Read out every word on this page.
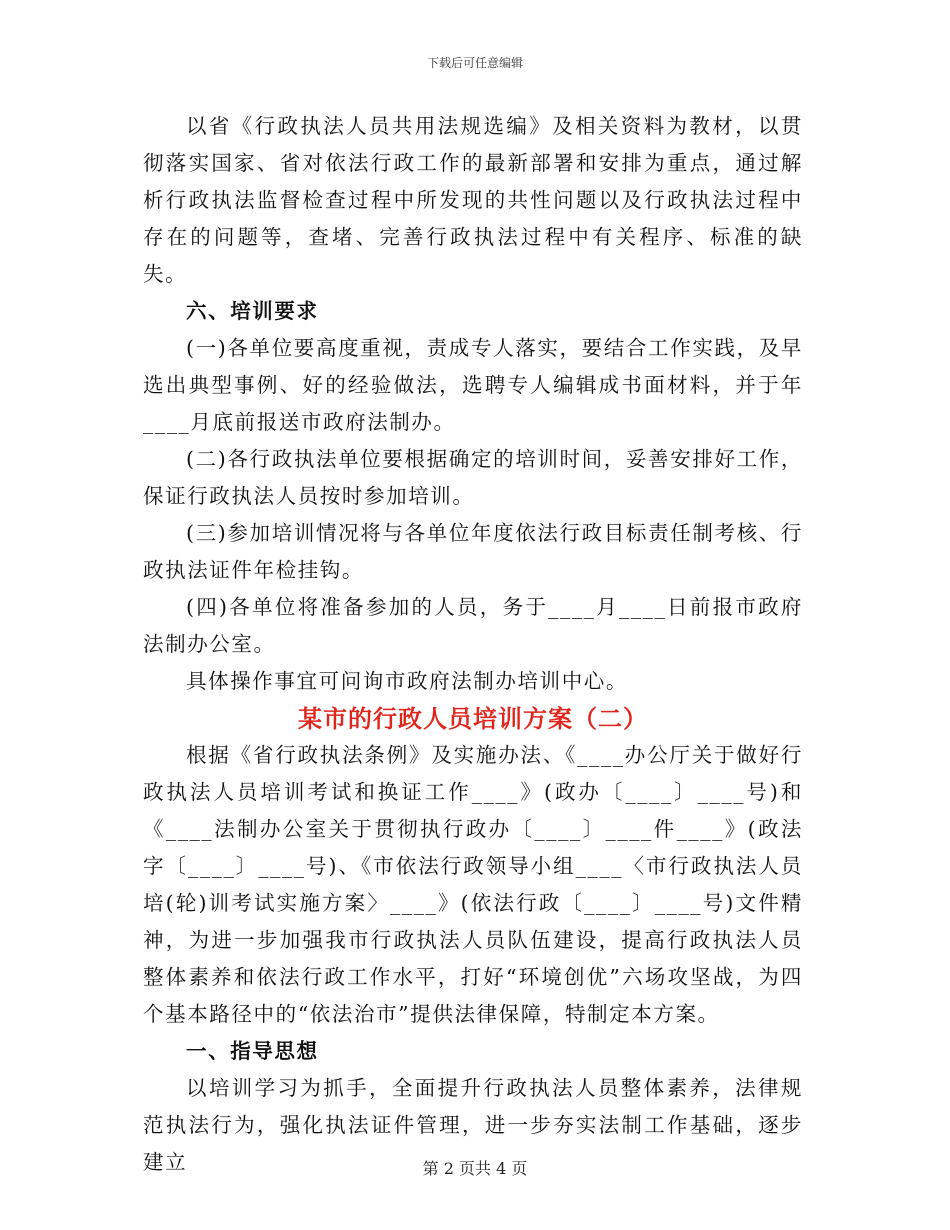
下载后可任意编辑

以省《行政执法人员共用法规选编》及相关资料为教材，以贯彻落实国家、省对依法行政工作的最新部署和安排为重点，通过解析行政执法监督检查过程中所发现的共性问题以及行政执法过程中存在的问题等，查堵、完善行政执法过程中有关程序、标准的缺失。

六、培训要求

(一)各单位要高度重视，责成专人落实，要结合工作实践，及早选出典型事例、好的经验做法，选聘专人编辑成书面材料，并于年____月底前报送市政府法制办。

(二)各行政执法单位要根据确定的培训时间，妥善安排好工作，保证行政执法人员按时参加培训。

(三)参加培训情况将与各单位年度依法行政目标责任制考核、行政执法证件年检挂钩。

(四)各单位将准备参加的人员，务于____月____日前报市政府法制办公室。

具体操作事宜可问询市政府法制办培训中心。

某市的行政人员培训方案（二）

根据《省行政执法条例》及实施办法、《____办公厅关于做好行政执法人员培训考试和换证工作____》(政办〔____〕____号)和《____法制办公室关于贯彻执行政办〔____〕____件____》(政法字〔____〕____号)、《市依法行政领导小组____〈市行政执法人员培(轮)训考试实施方案〉____》(依法行政〔____〕____号)文件精神，为进一步加强我市行政执法人员队伍建设，提高行政执法人员整体素养和依法行政工作水平，打好“环境创优”六场攻坚战，为四个基本路径中的“依法治市”提供法律保障，特制定本方案。

一、指导思想

以培训学习为抓手，全面提升行政执法人员整体素养，法律规范执法行为，强化执法证件管理，进一步夯实法制工作基础，逐步建立	第 2 页共 4 页
